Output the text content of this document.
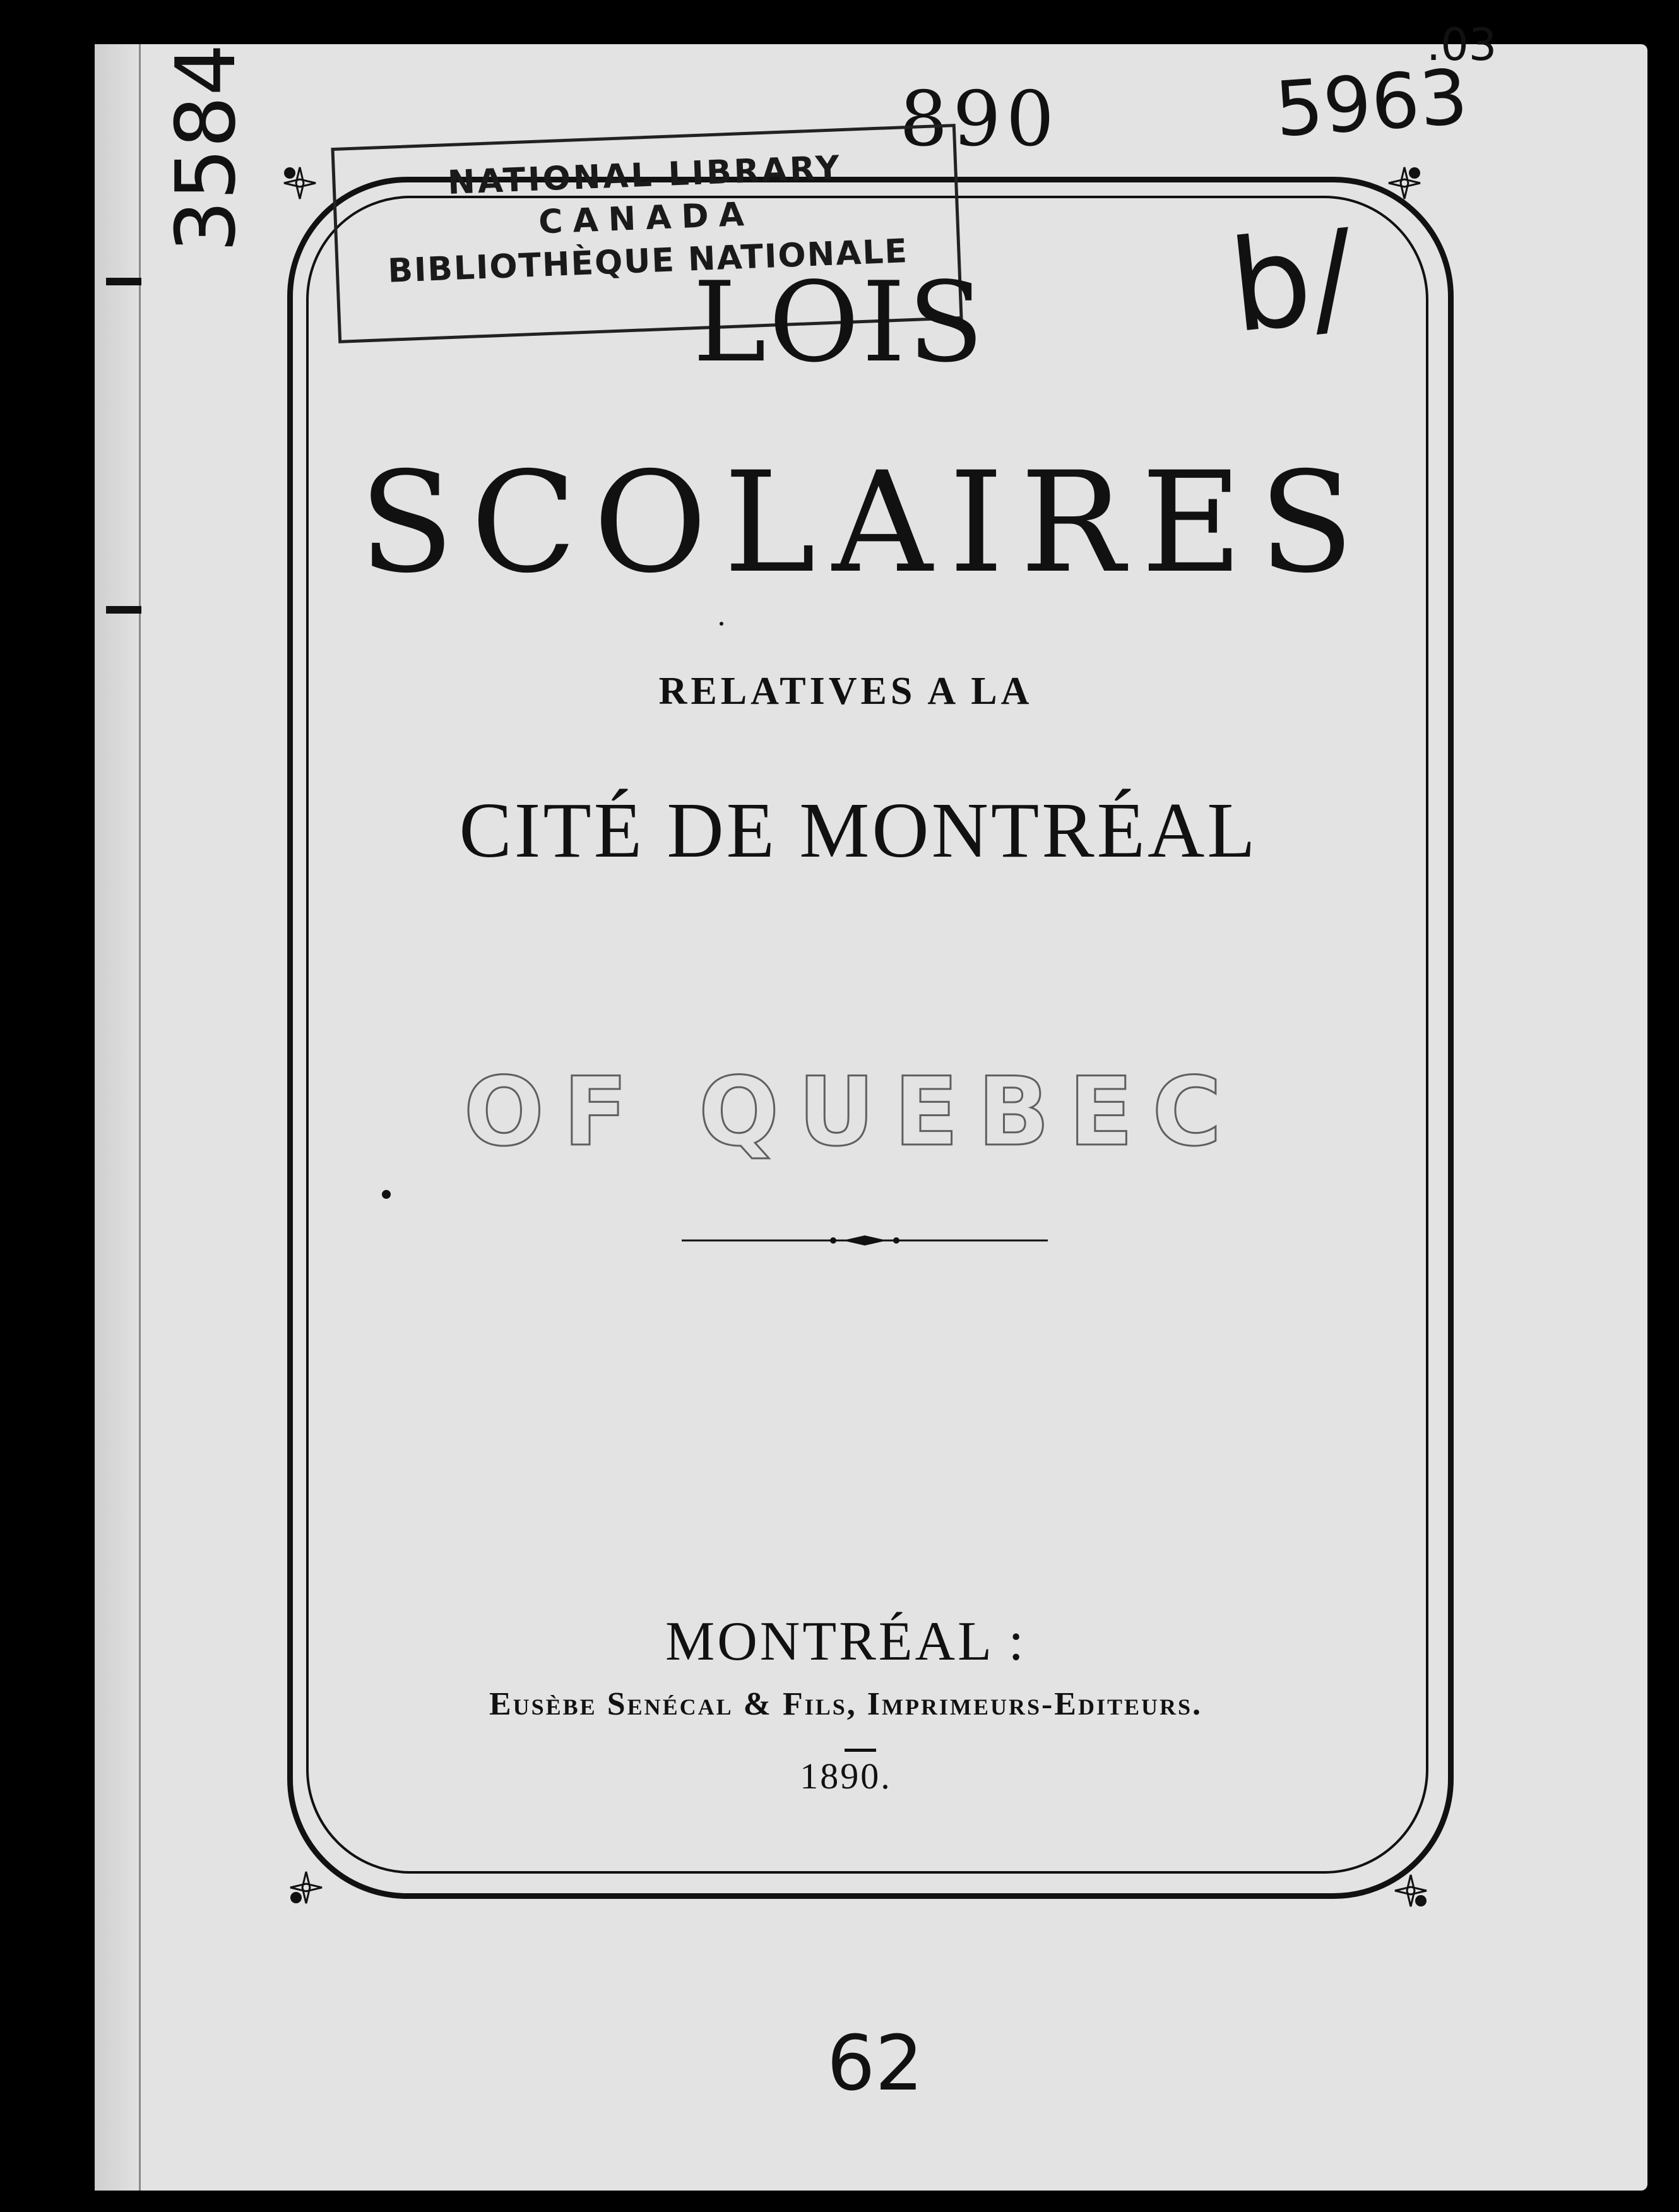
890	5963
.03
b/
3584
62
NATIONAL LIBRARY
CANADA
BIBLIOTHÈQUE NATIONALE
LOIS
SCOLAIRES
RELATIVES A LA
CITÉ DE MONTRÉAL
OF QUEBEC
MONTRÉAL :
Eusèbe Senécal & Fils, Imprimeurs-Editeurs.
1890.
